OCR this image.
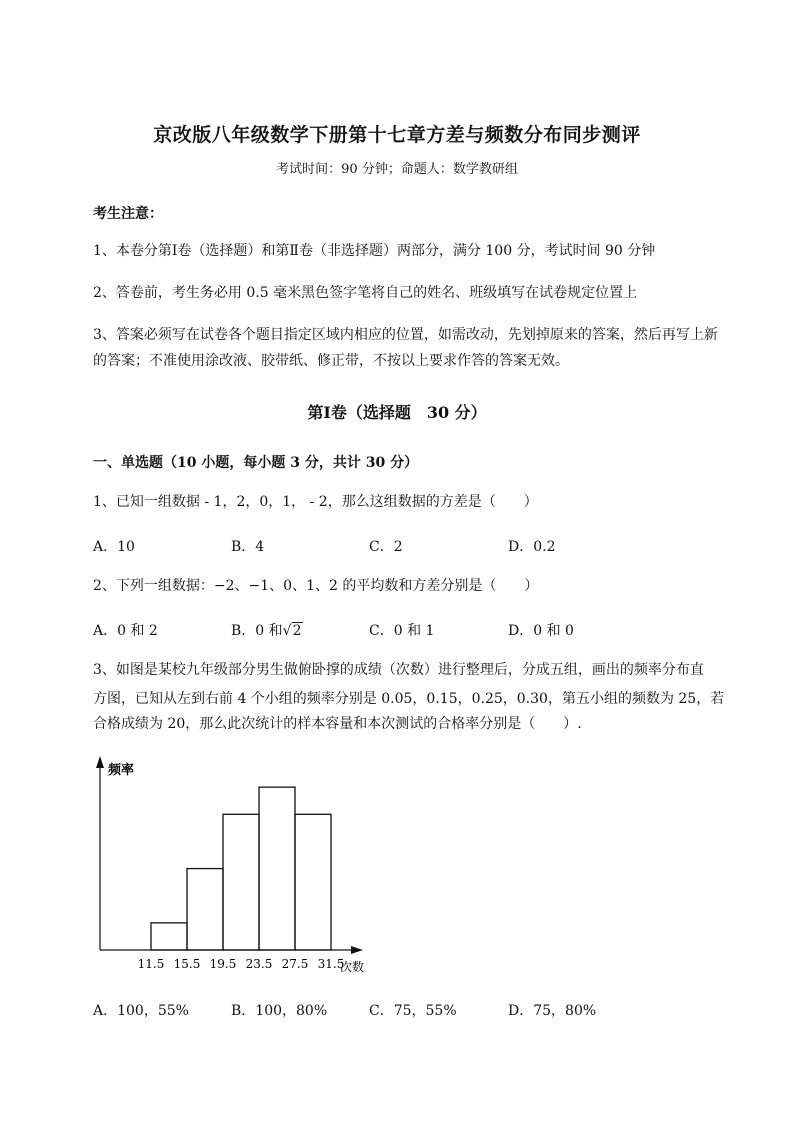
京改版八年级数学下册第十七章方差与频数分布同步测评
考试时间：90 分钟；命题人：数学教研组
考生注意：
1、本卷分第Ⅰ卷（选择题）和第Ⅱ卷（非选择题）两部分，满分 100 分，考试时间 90 分钟
2、答卷前，考生务必用 0.5 毫米黑色签字笔将自己的姓名、班级填写在试卷规定位置上
3、答案必须写在试卷各个题目指定区域内相应的位置，如需改动，先划掉原来的答案，然后再写上新
的答案；不准使用涂改液、胶带纸、修正带，不按以上要求作答的答案无效。
第Ⅰ卷（选择题　30 分）
一、单选题（10 小题，每小题 3 分，共计 30 分）
1、已知一组数据 - 1，2，0，1， - 2，那么这组数据的方差是（　　）
A．10	B．4	C．2	D．0.2
2、下列一组数据：−2、−1、0、1、2 的平均数和方差分别是（　　）
A．0 和 2	B．0 和√2	C．0 和 1	D．0 和 0
3、如图是某校九年级部分男生做俯卧撑的成绩（次数）进行整理后，分成五组，画出的频率分布直
方图，已知从左到右前 4 个小组的频率分别是 0.05，0.15，0.25，0.30，第五小组的频数为 25，若
合格成绩为 20，那么此次统计的样本容量和本次测试的合格率分别是（　　）.
频率
次数
11.5 15.5 19.5 23.5 27.5 31.5
A．100，55%	B．100，80%	C．75，55%	D．75，80%
